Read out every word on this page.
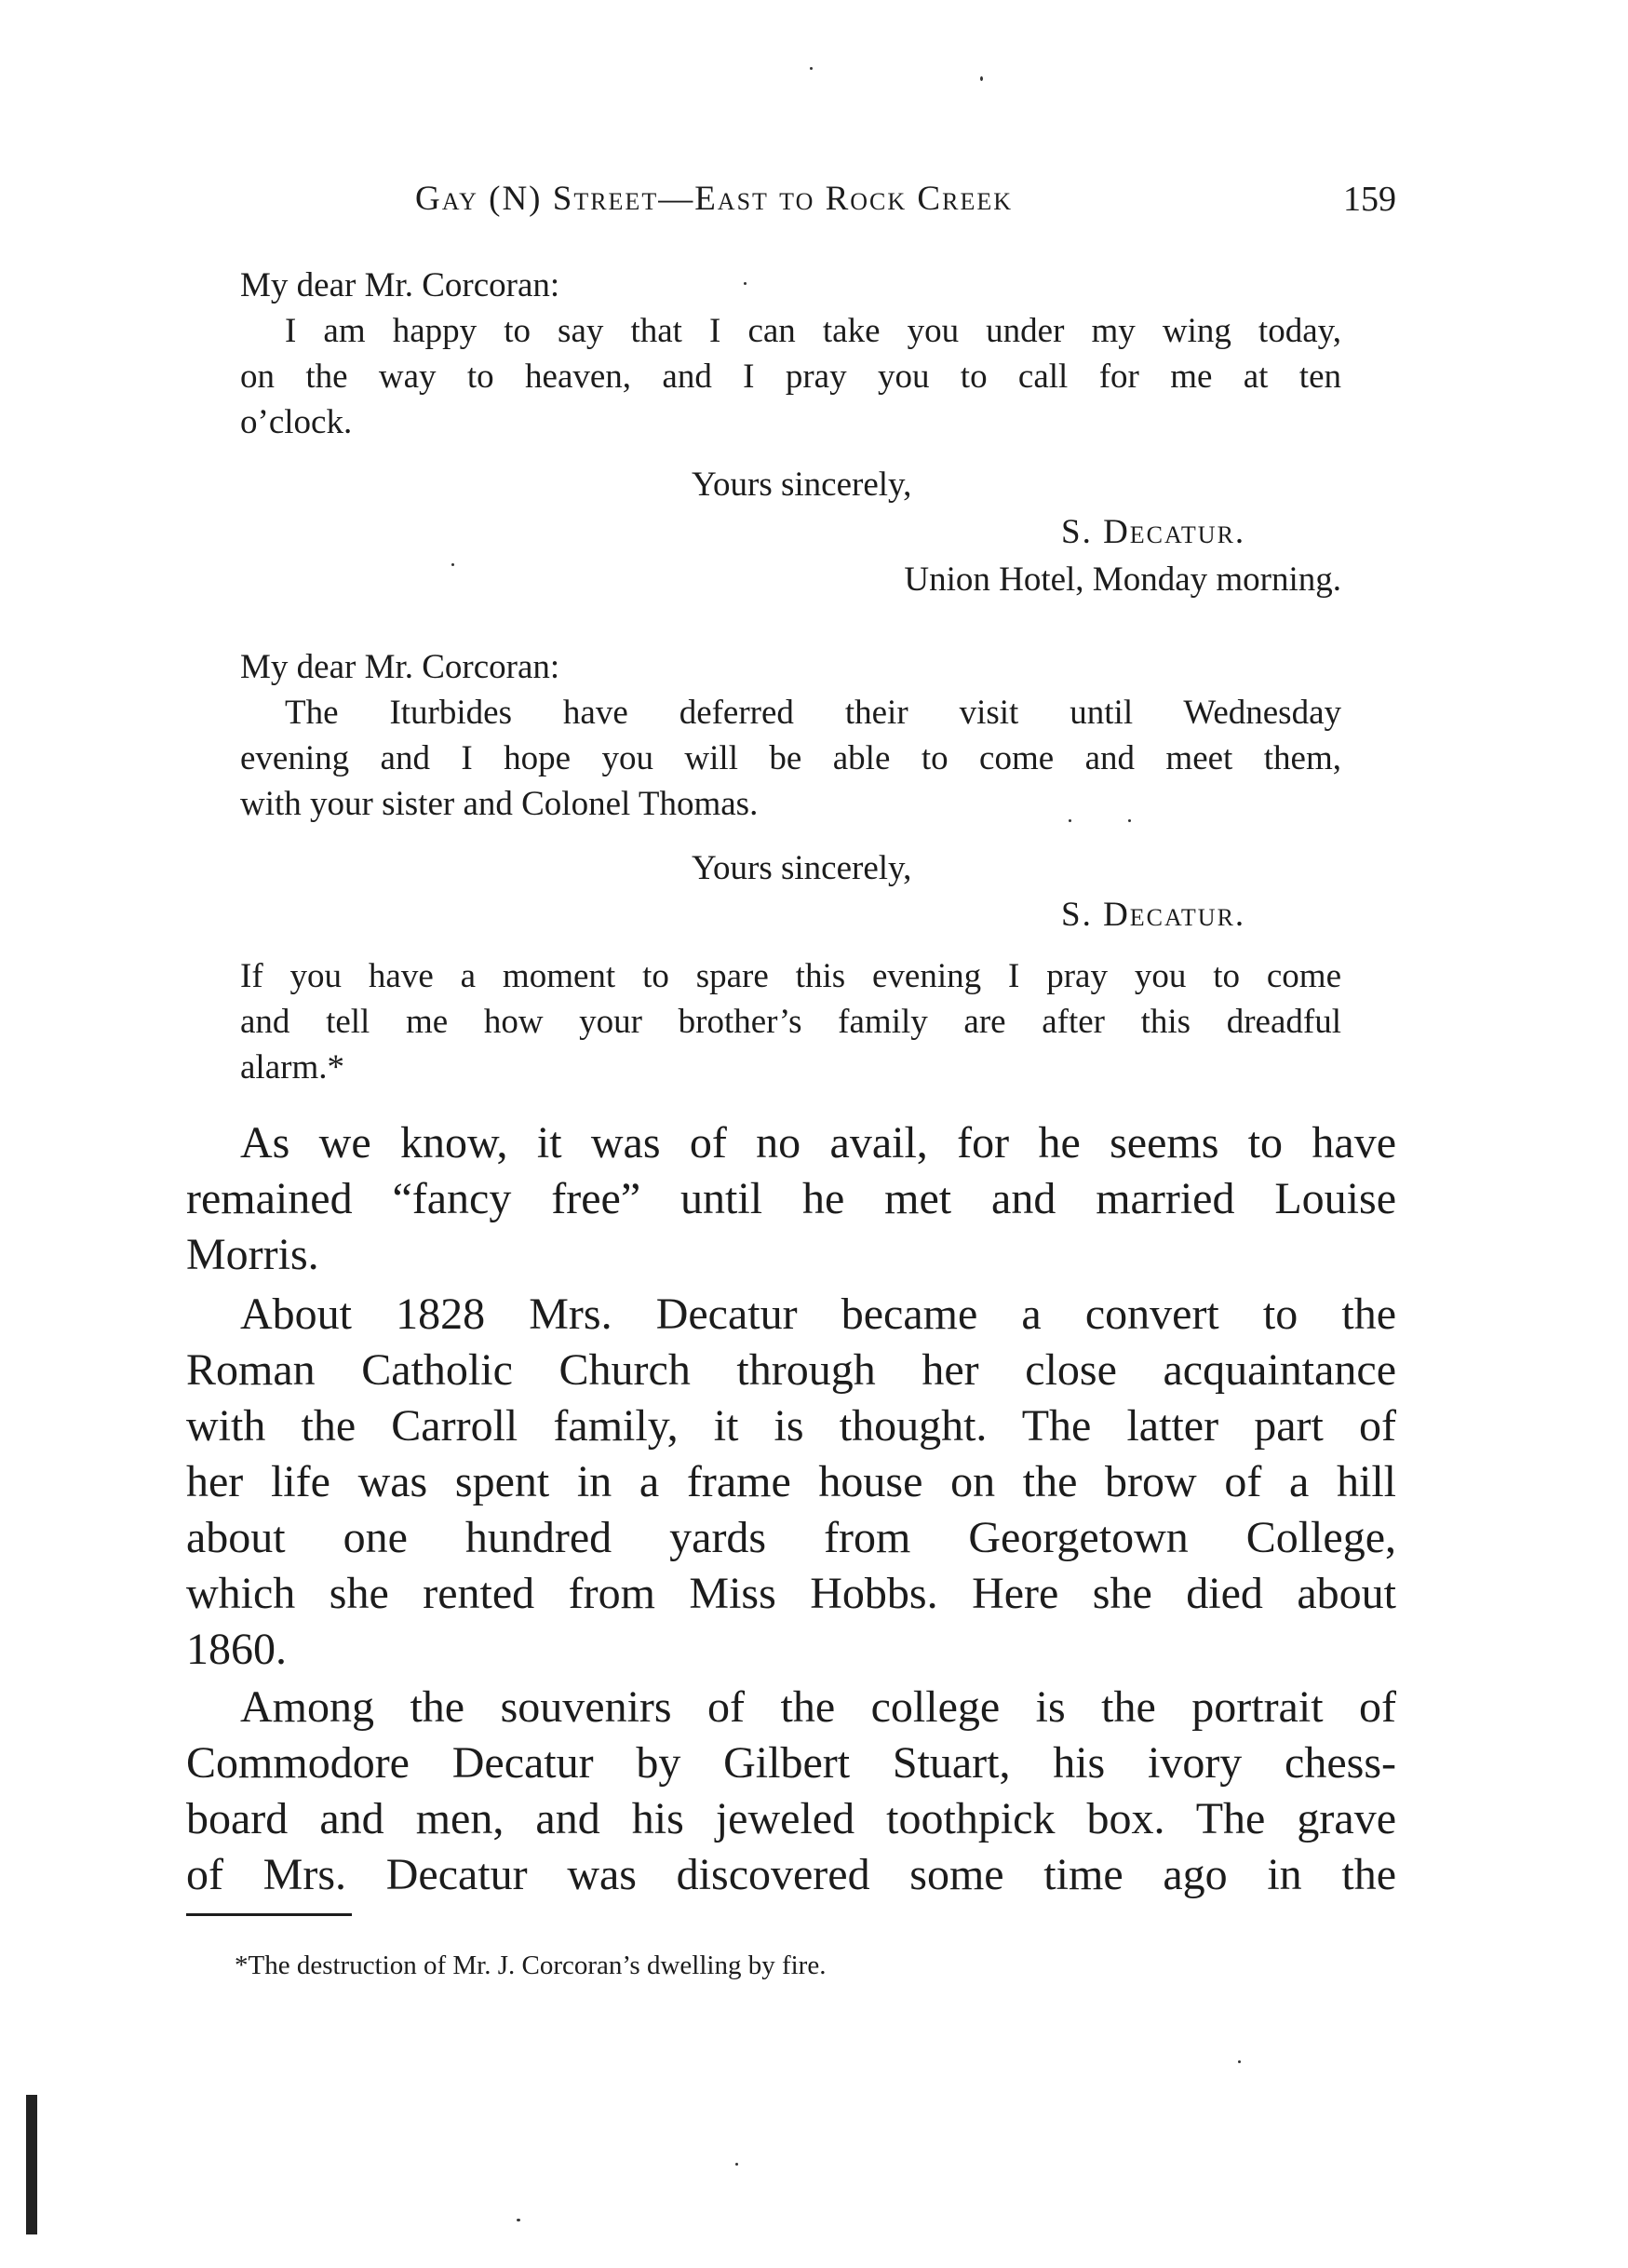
Gay (N) Street—East to Rock Creek	159
My dear Mr. Corcoran:
I am happy to say that I can take you under my wing today,
on the way to heaven, and I pray you to call for me at ten
o’clock.
Yours sincerely,
S. Decatur.
Union Hotel, Monday morning.
My dear Mr. Corcoran:
The Iturbides have deferred their visit until Wednesday
evening and I hope you will be able to come and meet them,
with your sister and Colonel Thomas.
Yours sincerely,
S. Decatur.
If you have a moment to spare this evening I pray you to come
and tell me how your brother’s family are after this dreadful
alarm.*
As we know, it was of no avail, for he seems to have
remained “fancy free” until he met and married Louise
Morris.
About 1828 Mrs. Decatur became a convert to the
Roman Catholic Church through her close acquaintance
with the Carroll family, it is thought. The latter part of
her life was spent in a frame house on the brow of a hill
about one hundred yards from Georgetown College,
which she rented from Miss Hobbs. Here she died about
1860.
Among the souvenirs of the college is the portrait of
Commodore Decatur by Gilbert Stuart, his ivory chess-
board and men, and his jeweled toothpick box. The grave
of Mrs. Decatur was discovered some time ago in the
*The destruction of Mr. J. Corcoran’s dwelling by fire.
